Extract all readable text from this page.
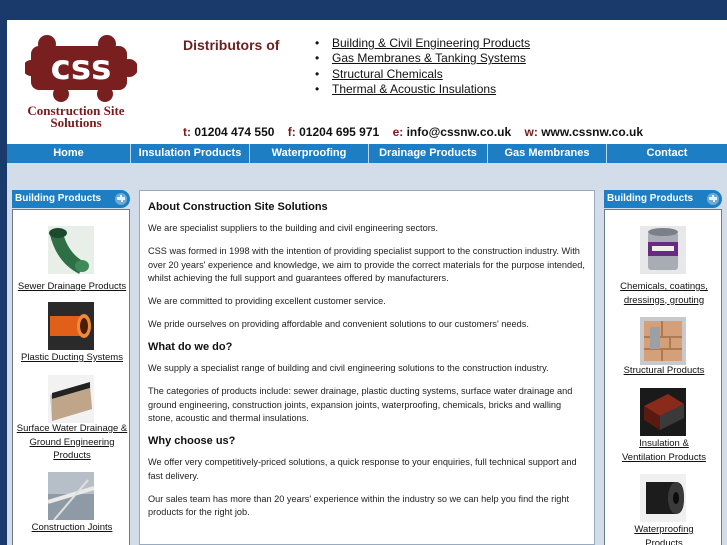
css
Construction Site
Solutions
Distributors of	• Building & Civil Engineering Products
• Gas Membranes & Tanking Systems
• Structural Chemicals
• Thermal & Acoustic Insulations
t: 01204 474 550 f: 01204 695 971 e: info@cssnw.co.uk w: www.cssnw.co.uk
Home	Insulation Products	Waterproofing	Drainage Products	Gas Membranes	Contact
Building Products
Sewer Drainage Products
Plastic Ducting Systems
Surface Water Drainage &
Ground Engineering
Products
Construction Joints
About Construction Site Solutions

We are specialist suppliers to the building and civil engineering sectors.

CSS was formed in 1998 with the intention of providing specialist support to the construction industry. With over 20 years' experience and knowledge, we aim to provide the correct materials for the purpose intended, whilst achieving the full support and guarantees offered by manufacturers.

We are committed to providing excellent customer service.

We pride ourselves on providing affordable and convenient solutions to our customers' needs.

What do we do?

We supply a specialist range of building and civil engineering solutions to the construction industry.

The categories of products include: sewer drainage, plastic ducting systems, surface water drainage and ground engineering, construction joints, expansion joints, waterproofing, chemicals, bricks and walling stone, acoustic and thermal insulations.

Why choose us?

We offer very competitively-priced solutions, a quick response to your enquiries, full technical support and fast delivery.

Our sales team has more than 20 years' experience within the industry so we can help you find the right products for the right job.

Building Products
Chemicals, coatings,
dressings, grouting
Structural Products
Insulation &
Ventilation Products
Waterproofing
Products
